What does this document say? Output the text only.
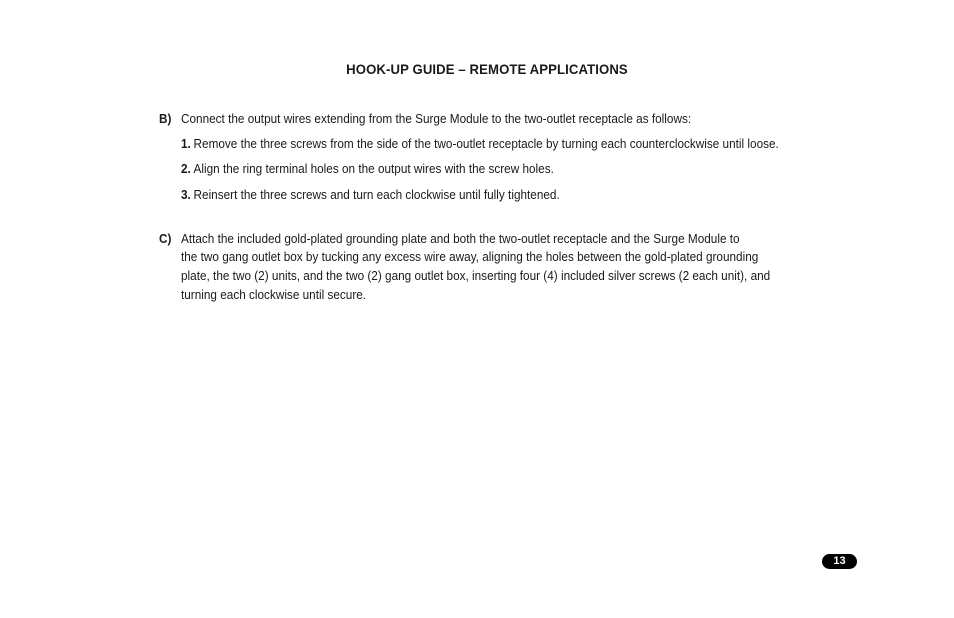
HOOK-UP GUIDE – REMOTE APPLICATIONS
B) Connect the output wires extending from the Surge Module to the two-outlet receptacle as follows:
1. Remove the three screws from the side of the two-outlet receptacle by turning each counterclockwise until loose.
2. Align the ring terminal holes on the output wires with the screw holes.
3. Reinsert the three screws and turn each clockwise until fully tightened.
C) Attach the included gold-plated grounding plate and both the two-outlet receptacle and the Surge Module to
the two gang outlet box by tucking any excess wire away, aligning the holes between the gold-plated grounding
plate, the two (2) units, and the two (2) gang outlet box, inserting four (4) included silver screws (2 each unit), and
turning each clockwise until secure.
13
